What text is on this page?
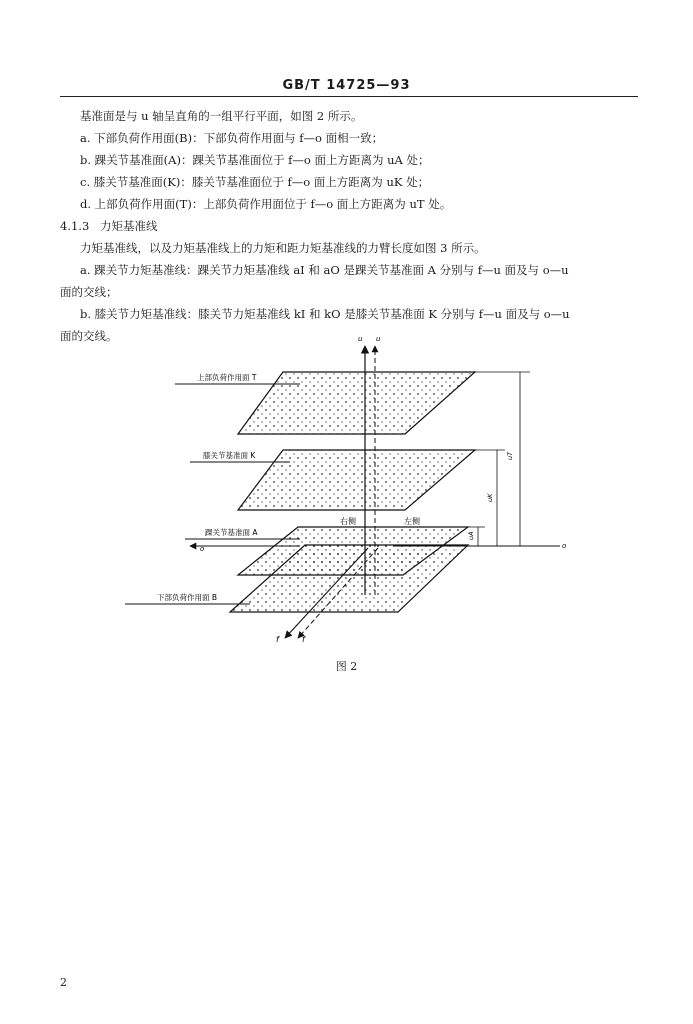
GB/T 14725—93
基准面是与 u 轴呈直角的一组平行平面，如图 2 所示。
a. 下部负荷作用面(B)：下部负荷作用面与 f—o 面相一致；
b. 踝关节基准面(A)：踝关节基准面位于 f—o 面上方距离为 uA 处；
c. 膝关节基准面(K)：膝关节基准面位于 f—o 面上方距离为 uK 处；
d. 上部负荷作用面(T)：上部负荷作用面位于 f—o 面上方距离为 uT 处。
4.1.3 力矩基准线
力矩基准线，以及力矩基准线上的力矩和距力矩基准线的力臂长度如图 3 所示。
a. 踝关节力矩基准线：踝关节力矩基准线 aI 和 aO 是踝关节基准面 A 分别与 f—u 面及与 o—u
面的交线；
b. 膝关节力矩基准线：膝关节力矩基准线 kI 和 kO 是膝关节基准面 K 分别与 f—u 面及与 o—u
面的交线。
上部负荷作用面 T
膝关节基准面 K
踝关节基准面 A
下部负荷作用面 B
右侧	左侧
u u
o	o
f	f
uT
uK
uA
图 2
2
